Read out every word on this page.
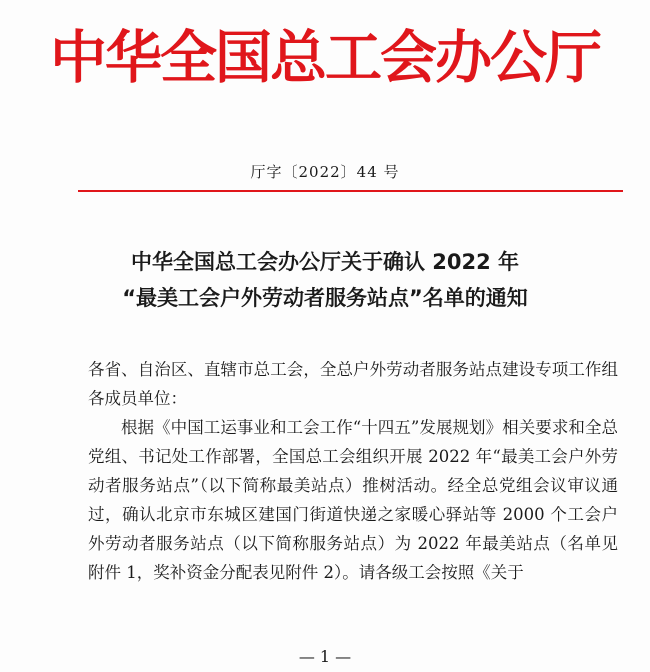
中华全国总工会办公厅
厅字〔2022〕44 号
中华全国总工会办公厅关于确认 2022 年
“最美工会户外劳动者服务站点”名单的通知

各省、自治区、直辖市总工会，全总户外劳动者服务站点建设专项工作组各成员单位：

根据《中国工运事业和工会工作“十四五”发展规划》相关要求和全总党组、书记处工作部署，全国总工会组织开展 2022 年“最美工会户外劳动者服务站点”（以下简称最美站点）推树活动。经全总党组会议审议通过，确认北京市东城区建国门街道快递之家暖心驿站等 2000 个工会户外劳动者服务站点（以下简称服务站点）为 2022 年最美站点（名单见附件 1，奖补资金分配表见附件 2）。请各级工会按照《关于

— 1 —
